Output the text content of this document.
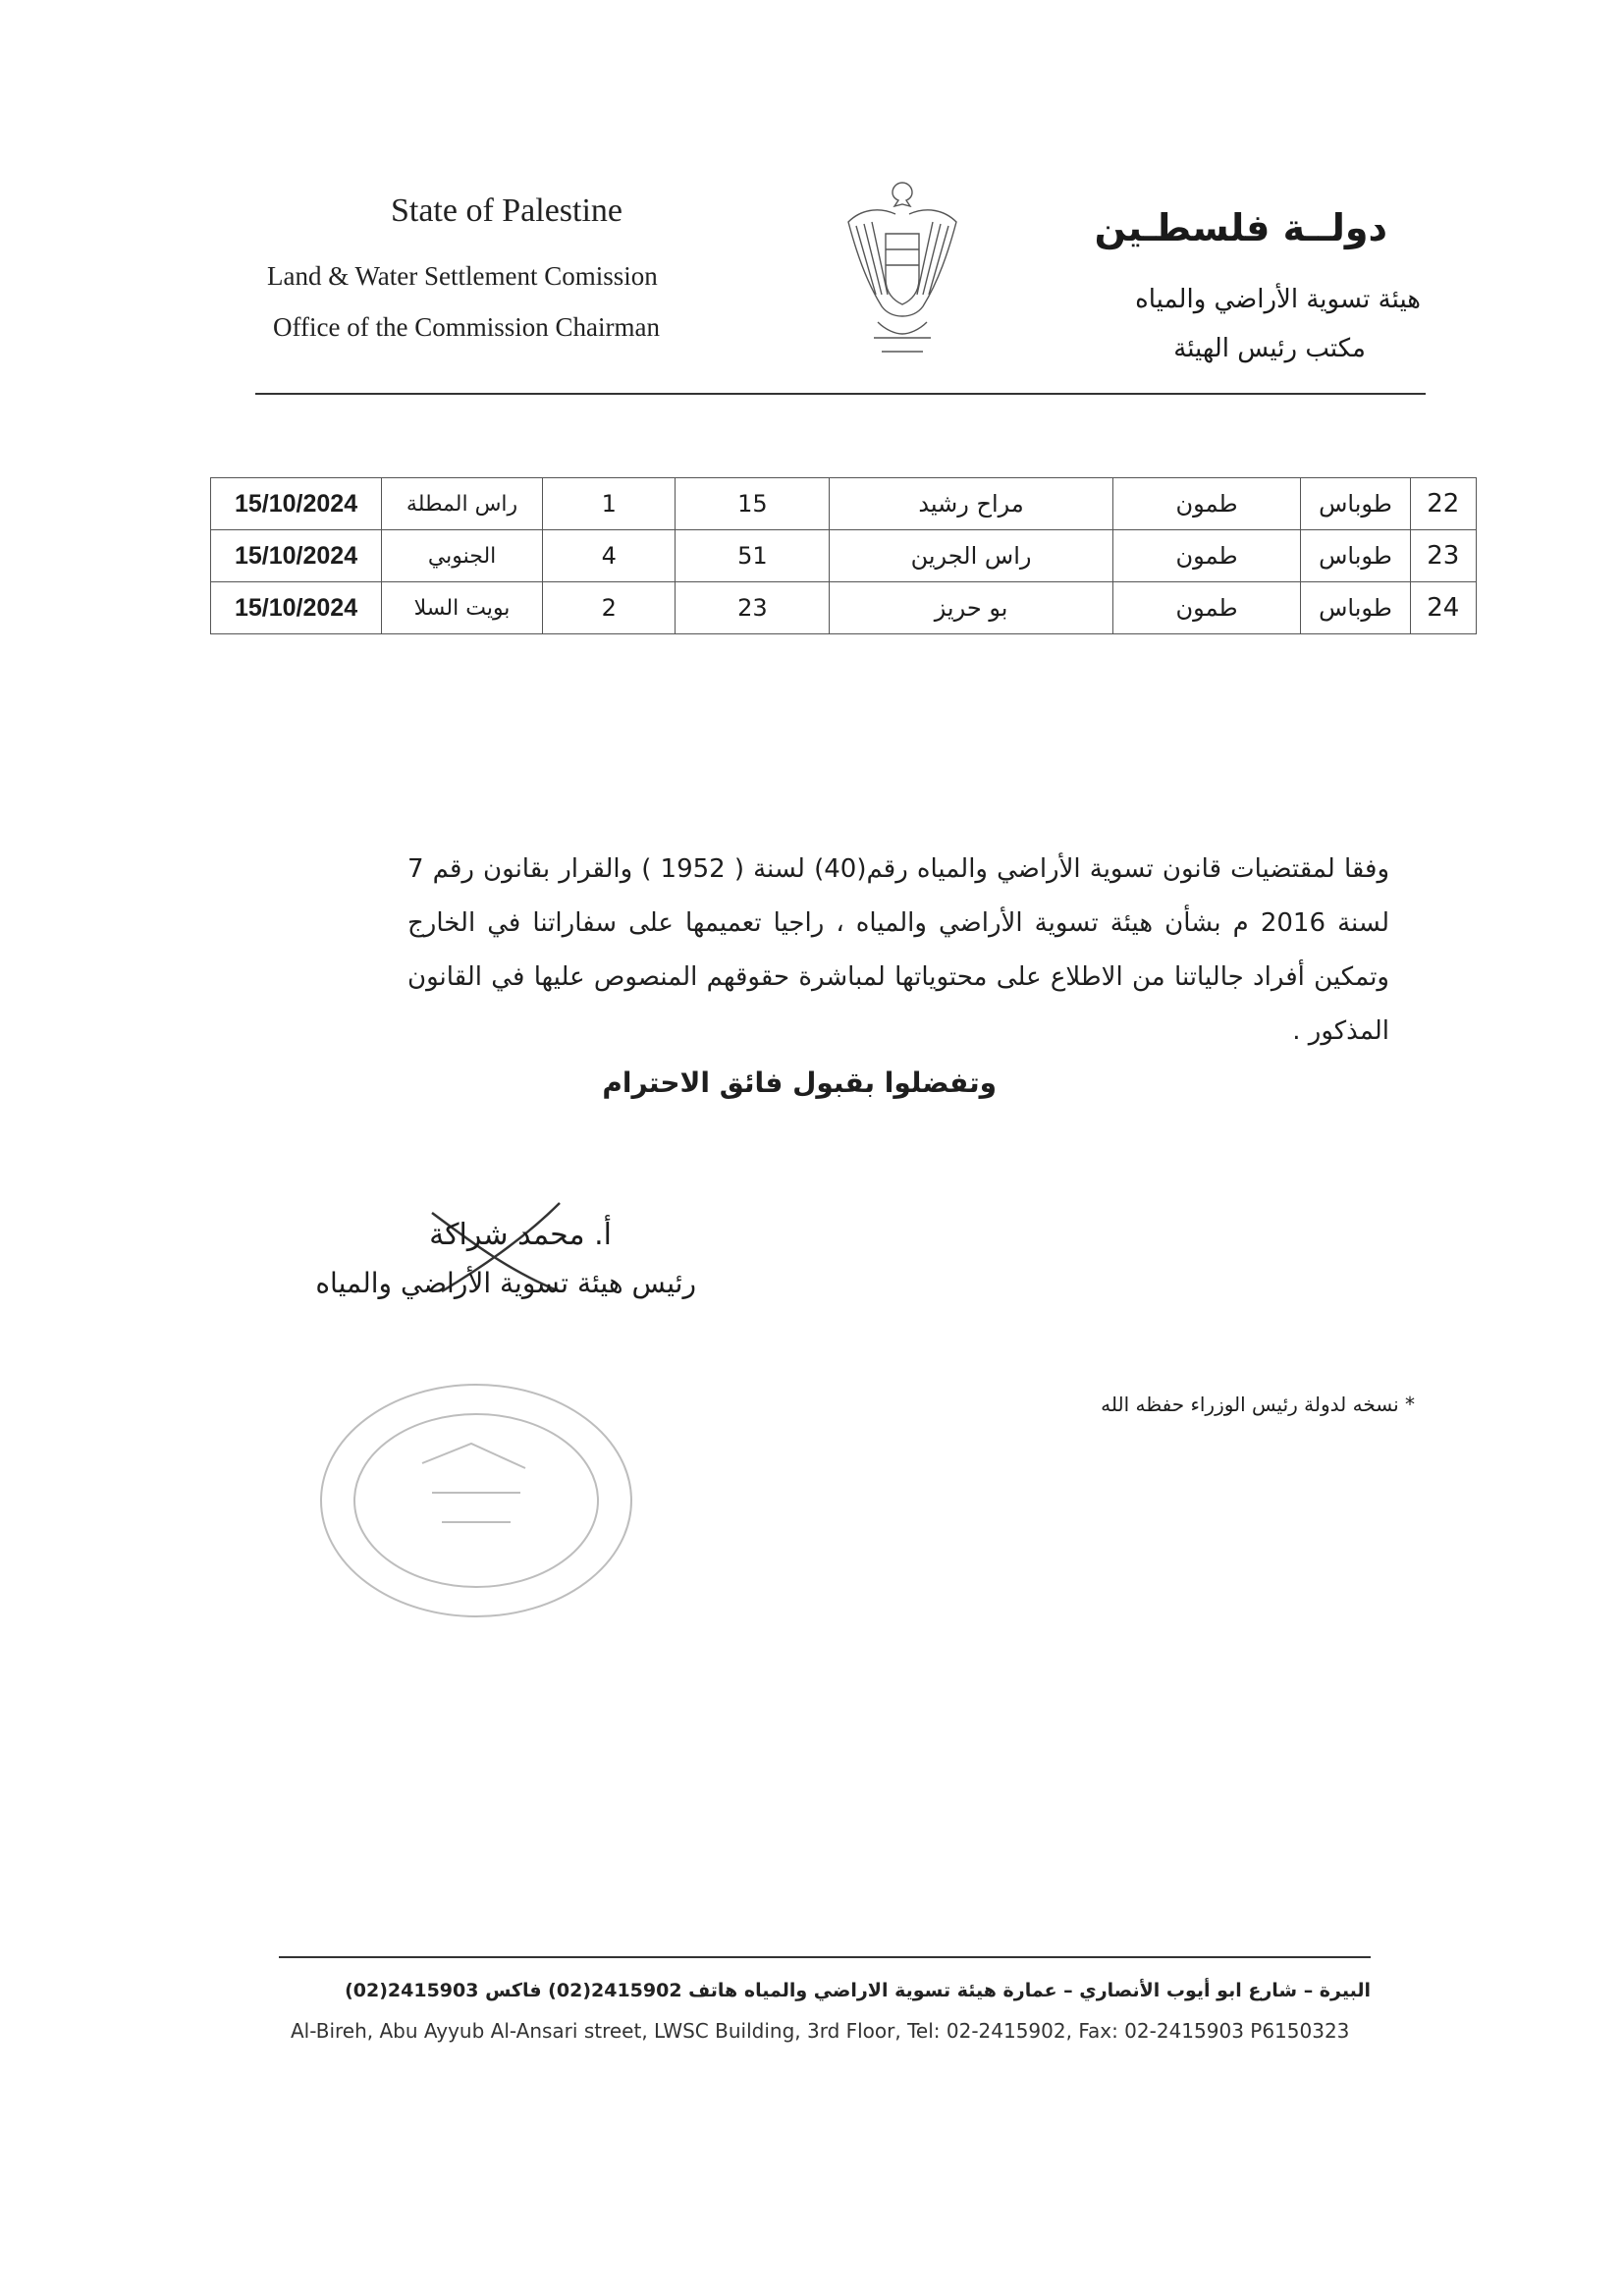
State of Palestine
Land & Water Settlement Comission
Office of the Commission Chairman
دولــة فلسطـين
هيئة تسوية الأراضي والمياه
مكتب رئيس الهيئة
22	طوباس	طمون	مراح رشيد	15	1	راس المطلة	15/10/2024
23	طوباس	طمون	راس الجرين	51	4	الجنوبي	15/10/2024
24	طوباس	طمون	بو حريز	23	2	بويت السلا	15/10/2024
وفقا لمقتضيات قانون تسوية الأراضي والمياه رقم(40) لسنة ( 1952 ) والقرار بقانون رقم 7 لسنة 2016 م بشأن هيئة تسوية الأراضي والمياه ، راجيا تعميمها على سفاراتنا في الخارج وتمكين أفراد جالياتنا من الاطلاع على محتوياتها لمباشرة حقوقهم المنصوص عليها في القانون المذكور .
وتفضلوا بقبول فائق الاحترام
أ. محمد شراكة
رئيس هيئة تسوية الأراضي والمياه
* نسخه لدولة رئيس الوزراء حفظه الله
البيرة – شارع ابو أيوب الأنصاري – عمارة هيئة تسوية الاراضي والمياه هاتف 2415902(02) فاكس 2415903(02)
Al-Bireh, Abu Ayyub Al-Ansari street, LWSC Building, 3rd Floor, Tel: 02-2415902, Fax: 02-2415903 P6150323
